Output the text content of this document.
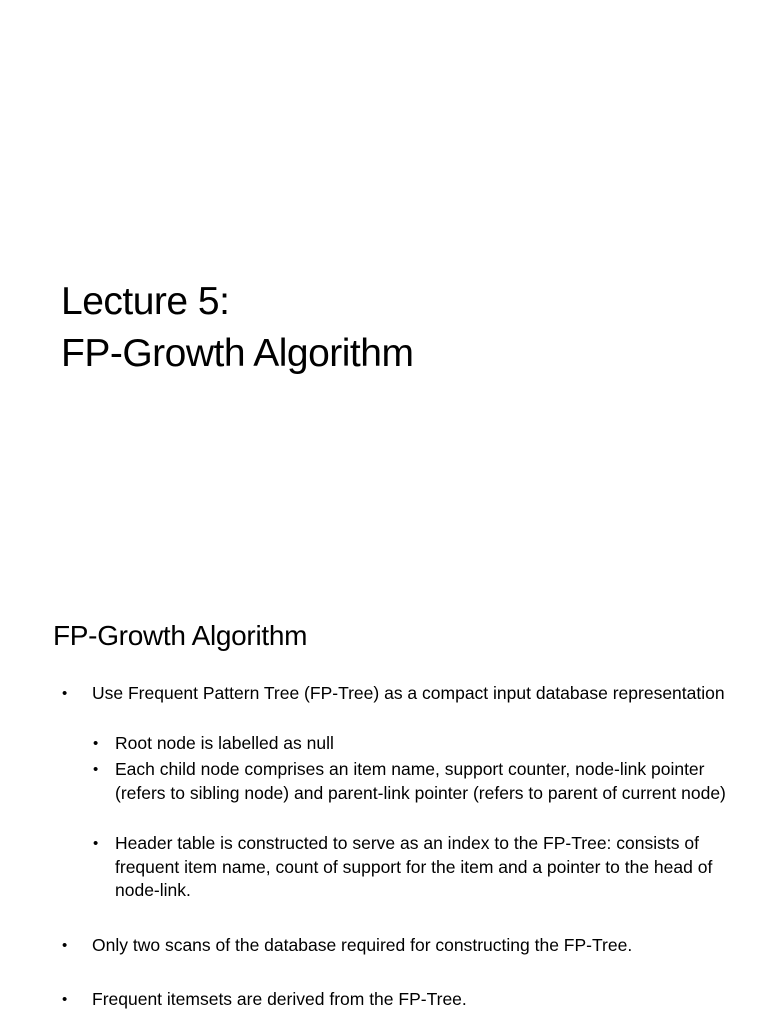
Lecture 5:
FP-Growth Algorithm
FP-Growth Algorithm
• Use Frequent Pattern Tree (FP-Tree) as a compact input database representation
• Root node is labelled as null
• Each child node comprises an item name, support counter, node-link pointer (refers to sibling node) and parent-link pointer (refers to parent of current node)
• Header table is constructed to serve as an index to the FP-Tree: consists of frequent item name, count of support for the item and a pointer to the head of node-link.
• Only two scans of the database required for constructing the FP-Tree.
• Frequent itemsets are derived from the FP-Tree.
